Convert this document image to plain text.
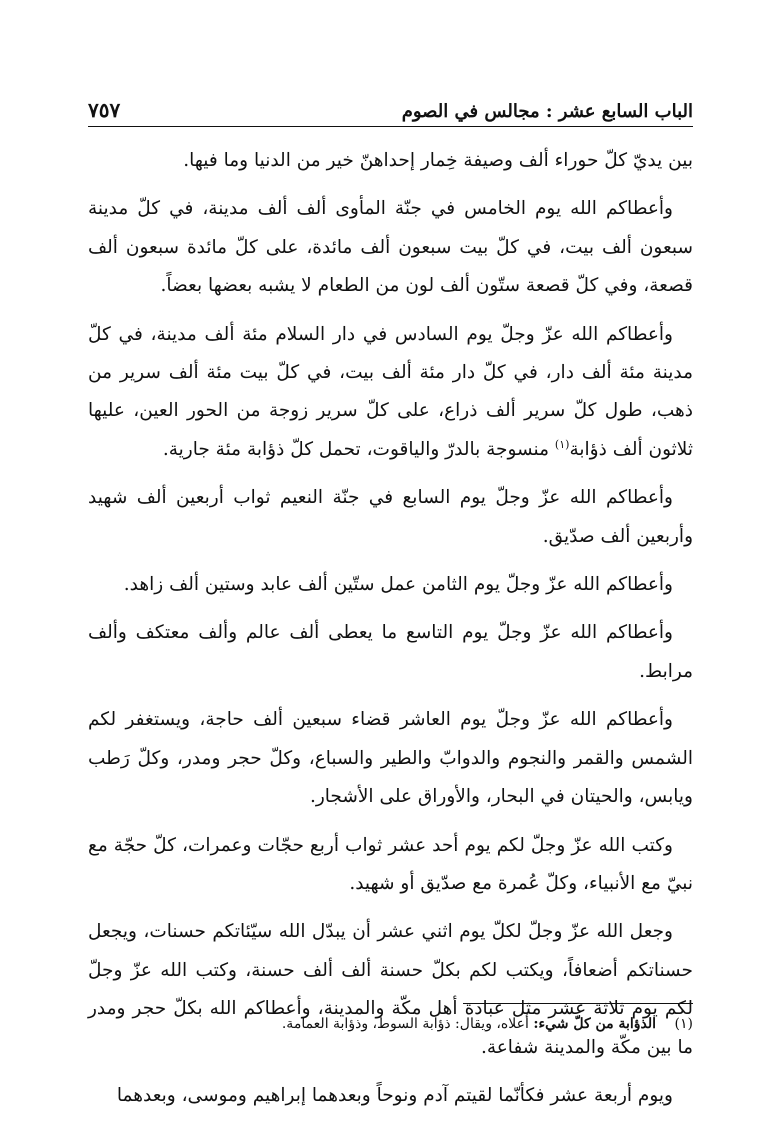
الباب السابع عشر : مجالس في الصوم
٧٥٧

بين يديّ كلّ حوراء ألف وصيفة خِمار إحداهنّ خير من الدنيا وما فيها.

وأعطاكم الله يوم الخامس في جنّة المأوى ألف ألف مدينة، في كلّ مدينة سبعون ألف بيت، في كلّ بيت سبعون ألف مائدة، على كلّ مائدة سبعون ألف قصعة، وفي كلّ قصعة ستّون ألف لون من الطعام لا يشبه بعضها بعضاً.

وأعطاكم الله عزّ وجلّ يوم السادس في دار السلام مئة ألف مدينة، في كلّ مدينة مئة ألف دار، في كلّ دار مئة ألف بيت، في كلّ بيت مئة ألف سرير من ذهب، طول كلّ سرير ألف ذراع، على كلّ سرير زوجة من الحور العين، عليها ثلاثون ألف ذؤابة$^{(١)}$ منسوجة بالدرّ والياقوت، تحمل كلّ ذؤابة مئة جارية.

وأعطاكم الله عزّ وجلّ يوم السابع في جنّة النعيم ثواب أربعين ألف شهيد وأربعين ألف صدّيق.

وأعطاكم الله عزّ وجلّ يوم الثامن عمل ستّين ألف عابد وستين ألف زاهد.

وأعطاكم الله عزّ وجلّ يوم التاسع ما يعطى ألف عالم وألف معتكف وألف مرابط.

وأعطاكم الله عزّ وجلّ يوم العاشر قضاء سبعين ألف حاجة، ويستغفر لكم الشمس والقمر والنجوم والدوابّ والطير والسباع، وكلّ حجر ومدر، وكلّ رَطب ويابس، والحيتان في البحار، والأوراق على الأشجار.

وكتب الله عزّ وجلّ لكم يوم أحد عشر ثواب أربع حجّات وعمرات، كلّ حجّة مع نبيّ مع الأنبياء، وكلّ عُمرة مع صدّيق أو شهيد.

وجعل الله عزّ وجلّ لكلّ يوم اثني عشر أن يبدّل الله سيّئاتكم حسنات، ويجعل حسناتكم أضعافاً، ويكتب لكم بكلّ حسنة ألف ألف حسنة، وكتب الله عزّ وجلّ لكم يوم ثلاثة عشر مثل عبادة أهل مكّة والمدينة، وأعطاكم الله بكلّ حجر ومدر ما بين مكّة والمدينة شفاعة.

ويوم أربعة عشر فكأنّما لقيتم آدم ونوحاً وبعدهما إبراهيم وموسى، وبعدهما

(١) الذؤابة من كلّ شيء: أعلاه، ويقال: ذؤابة السوط، وذؤابة العمامة.
